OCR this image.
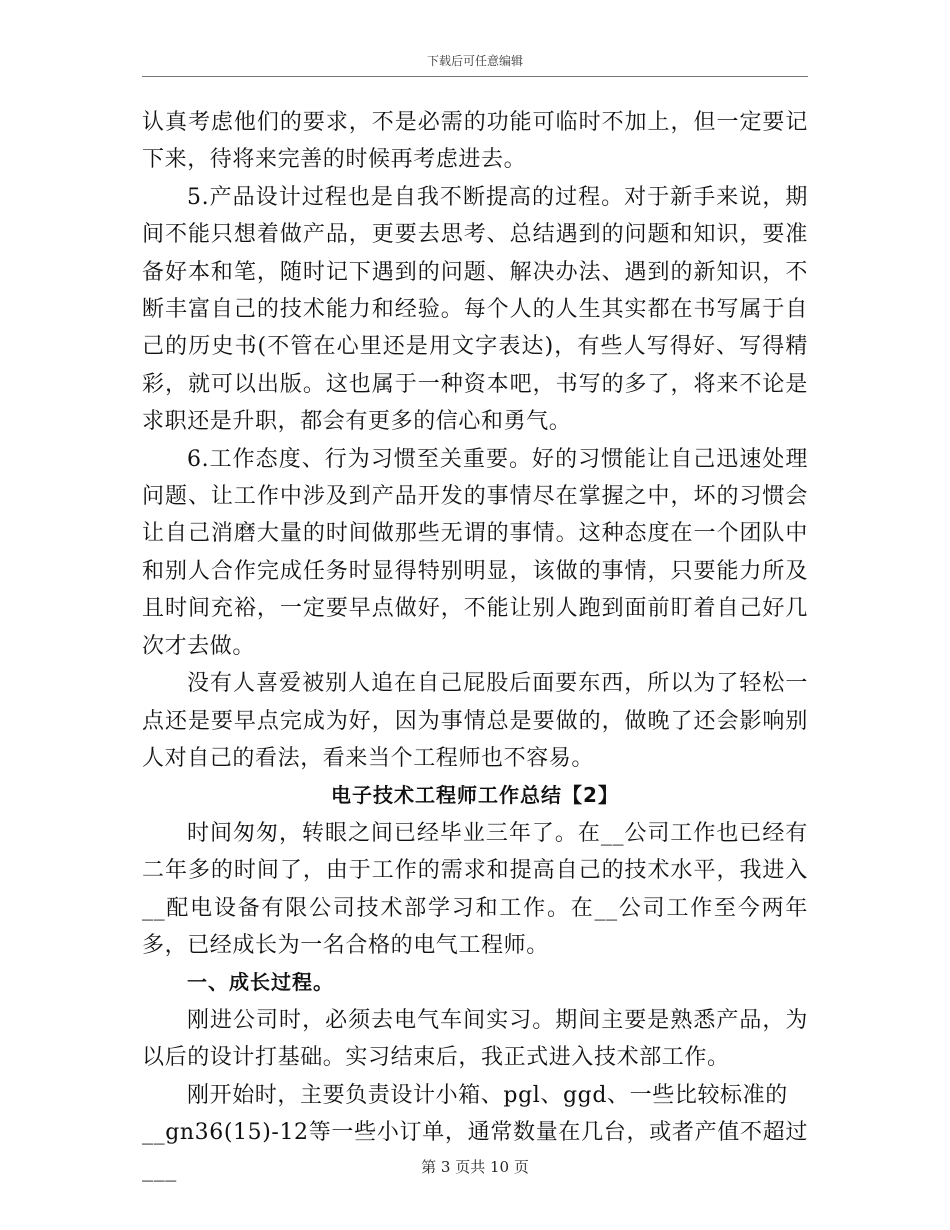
下载后可任意编辑

认真考虑他们的要求，不是必需的功能可临时不加上，但一定要记下来，待将来完善的时候再考虑进去。

5.产品设计过程也是自我不断提高的过程。对于新手来说，期间不能只想着做产品，更要去思考、总结遇到的问题和知识，要准备好本和笔，随时记下遇到的问题、解决办法、遇到的新知识，不断丰富自己的技术能力和经验。每个人的人生其实都在书写属于自己的历史书(不管在心里还是用文字表达)，有些人写得好、写得精彩，就可以出版。这也属于一种资本吧，书写的多了，将来不论是求职还是升职，都会有更多的信心和勇气。

6.工作态度、行为习惯至关重要。好的习惯能让自己迅速处理问题、让工作中涉及到产品开发的事情尽在掌握之中，坏的习惯会让自己消磨大量的时间做那些无谓的事情。这种态度在一个团队中和别人合作完成任务时显得特别明显，该做的事情，只要能力所及且时间充裕，一定要早点做好，不能让别人跑到面前盯着自己好几次才去做。

没有人喜爱被别人追在自己屁股后面要东西，所以为了轻松一点还是要早点完成为好，因为事情总是要做的，做晚了还会影响别人对自己的看法，看来当个工程师也不容易。

电子技术工程师工作总结【2】

时间匆匆，转眼之间已经毕业三年了。在__公司工作也已经有二年多的时间了，由于工作的需求和提高自己的技术水平，我进入__配电设备有限公司技术部学习和工作。在__公司工作至今两年多，已经成长为一名合格的电气工程师。

一、成长过程。

刚进公司时，必须去电气车间实习。期间主要是熟悉产品，为以后的设计打基础。实习结束后，我正式进入技术部工作。

刚开始时，主要负责设计小箱、pgl、ggd、一些比较标准的

__gn36(15)-12等一些小订单，通常数量在几台，或者产值不超过___	第 3 页共 10 页
